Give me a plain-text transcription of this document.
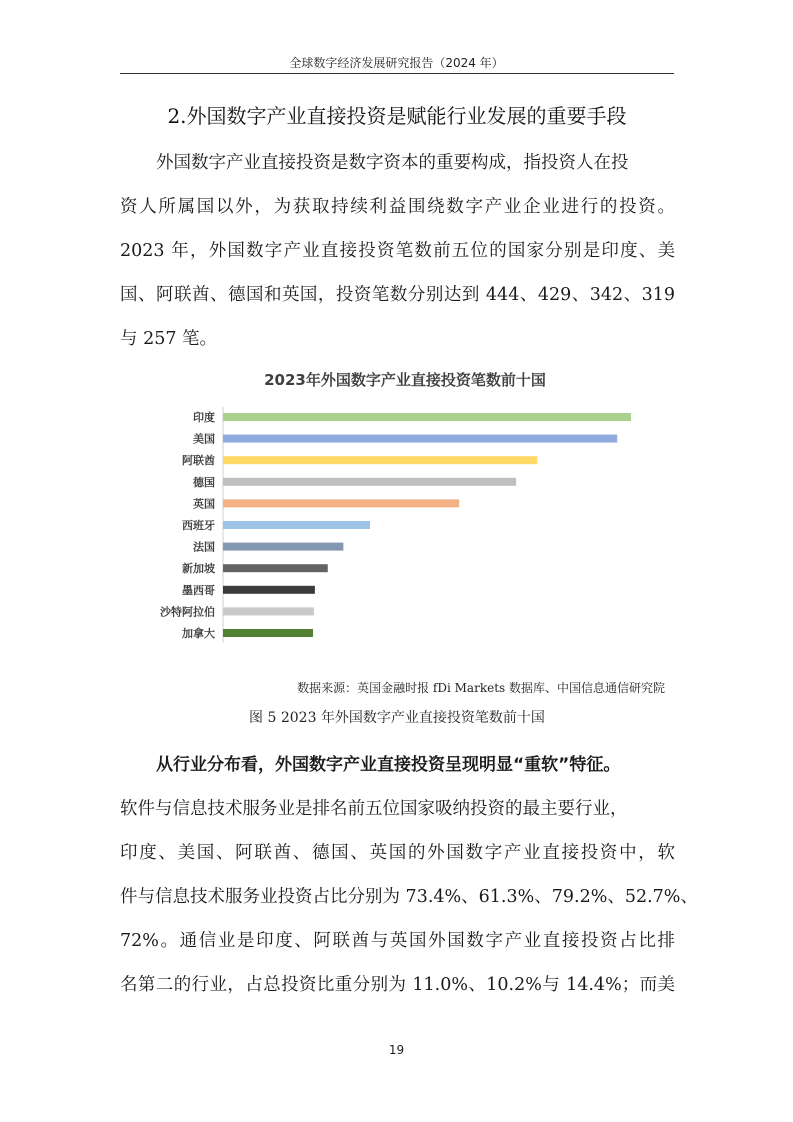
全球数字经济发展研究报告（2024 年）
2.外国数字产业直接投资是赋能行业发展的重要手段
外国数字产业直接投资是数字资本的重要构成，指投资人在投
资人所属国以外，为获取持续利益围绕数字产业企业进行的投资。
2023 年，外国数字产业直接投资笔数前五位的国家分别是印度、美
国、阿联酋、德国和英国，投资笔数分别达到 444、429、342、319
与 257 笔。
2023年外国数字产业直接投资笔数前十国
印度
美国
阿联酋
德国
英国
西班牙
法国
新加坡
墨西哥
沙特阿拉伯
加拿大
数据来源：英国金融时报 fDi Markets 数据库、中国信息通信研究院
图 5 2023 年外国数字产业直接投资笔数前十国
从行业分布看，外国数字产业直接投资呈现明显“重软”特征。
软件与信息技术服务业是排名前五位国家吸纳投资的最主要行业，
印度、美国、阿联酋、德国、英国的外国数字产业直接投资中，软
件与信息技术服务业投资占比分别为 73.4%、61.3%、79.2%、52.7%、
72%。通信业是印度、阿联酋与英国外国数字产业直接投资占比排
名第二的行业，占总投资比重分别为 11.0%、10.2%与 14.4%；而美
19
